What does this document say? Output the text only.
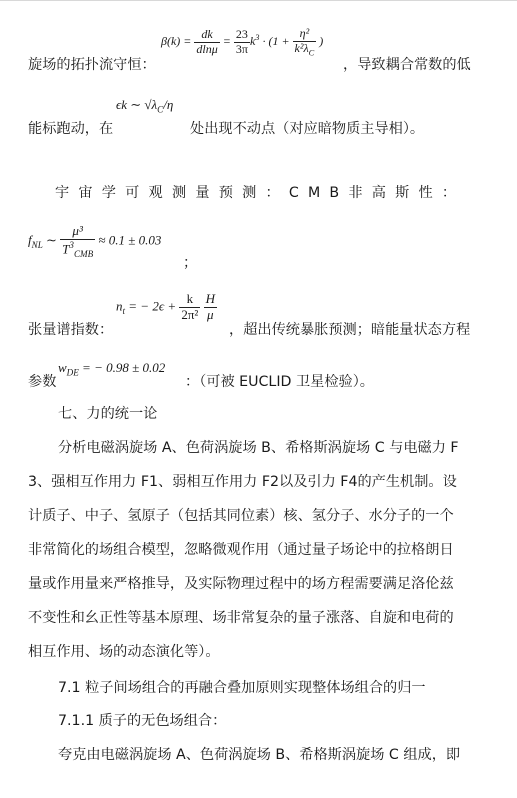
旋场的拓扑流守恒：
$\beta(k) = \frac{dk}{dln\mu} = \frac{23}{3\pi} k^3 \cdot (1 + \frac{\text{η²}}{k^2\lambda_C}$ )
，导致耦合常数的低
ϵk ∼ $√\lambda_C/\eta$
能标跑动，在	处出现不动点（对应暗物质主导相）。
宇宙学可观测量预测：CMB非高斯性：
$f_{NL}$ ∼ $\frac{\text{μ³}}{T^3_{CMB}} \approx 0.1 \pm 0.03$
；
$n_t$ = − $2\epsilon + \frac{k}{\text{2π²}}$
$\frac{H}{\mu}$
张量谱指数：	，超出传统暴胀预测；暗能量状态方程
参数
$w_{DE}$ = − 0.98 ± 0.02
：（可被 EUCLID 卫星检验）。
七、力的统一论
分析电磁涡旋场 A、色荷涡旋场 B、希格斯涡旋场 C 与电磁力 F
3、强相互作用力 F1、弱相互作用力 F2以及引力 F4的产生机制。设
计质子、中子、氢原子（包括其同位素）核、氢分子、水分子的一个
非常简化的场组合模型，忽略微观作用（通过量子场论中的拉格朗日
量或作用量来严格推导，及实际物理过程中的场方程需要满足洛伦兹
不变性和幺正性等基本原理、场非常复杂的量子涨落、自旋和电荷的
相互作用、场的动态演化等）。
7.1 粒子间场组合的再融合叠加原则实现整体场组合的归一
7.1.1 质子的无色场组合：
夸克由电磁涡旋场 A、色荷涡旋场 B、希格斯涡旋场 C 组成，即
